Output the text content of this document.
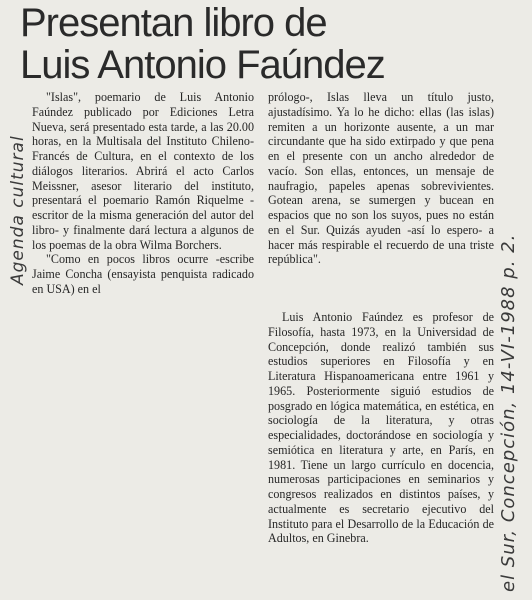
Presentan libro de
Luis Antonio Faúndez

"Islas", poemario de Luis Antonio Faúndez publicado por Ediciones Letra Nueva, será presentado esta tarde, a las 20.00 horas, en la Multisala del Instituto Chileno-Francés de Cultura, en el contexto de los diálogos literarios. Abrirá el acto Carlos Meissner, asesor literario del instituto, presentará el poemario Ramón Riquelme -escritor de la misma generación del autor del libro- y finalmente dará lectura a algunos de los poemas de la obra Wilma Borchers.

"Como en pocos libros ocurre -escribe Jaime Concha (ensayista penquista radicado en USA) en el

prólogo-, Islas lleva un título justo, ajustadísimo. Ya lo he dicho: ellas (las islas) remiten a un horizonte ausente, a un mar circundante que ha sido extirpado y que pena en el presente con un ancho alrededor de vacío. Son ellas, entonces, un mensaje de naufragio, papeles apenas sobrevivientes. Gotean arena, se sumergen y bucean en espacios que no son los suyos, pues no están en el Sur. Quizás ayuden -así lo espero- a hacer más respirable el recuerdo de una triste república".

Luis Antonio Faúndez es profesor de Filosofía, hasta 1973, en la Universidad de Concepción, donde realizó también sus estudios superiores en Filosofía y en Literatura Hispanoamericana entre 1961 y 1965. Posteriormente siguió estudios de posgrado en lógica matemática, en estética, en sociología de la literatura, y otras especialidades, doctorándose en sociología y semiótica en literatura y arte, en París, en 1981. Tiene un largo currículo en docencia, numerosas participaciones en seminarios y congresos realizados en distintos países, y actualmente es secretario ejecutivo del Instituto para el Desarrollo de la Educación de Adultos, en Ginebra.

Agenda cultural
el Sur, Concepción, 14-VI-1988 p. 2.
